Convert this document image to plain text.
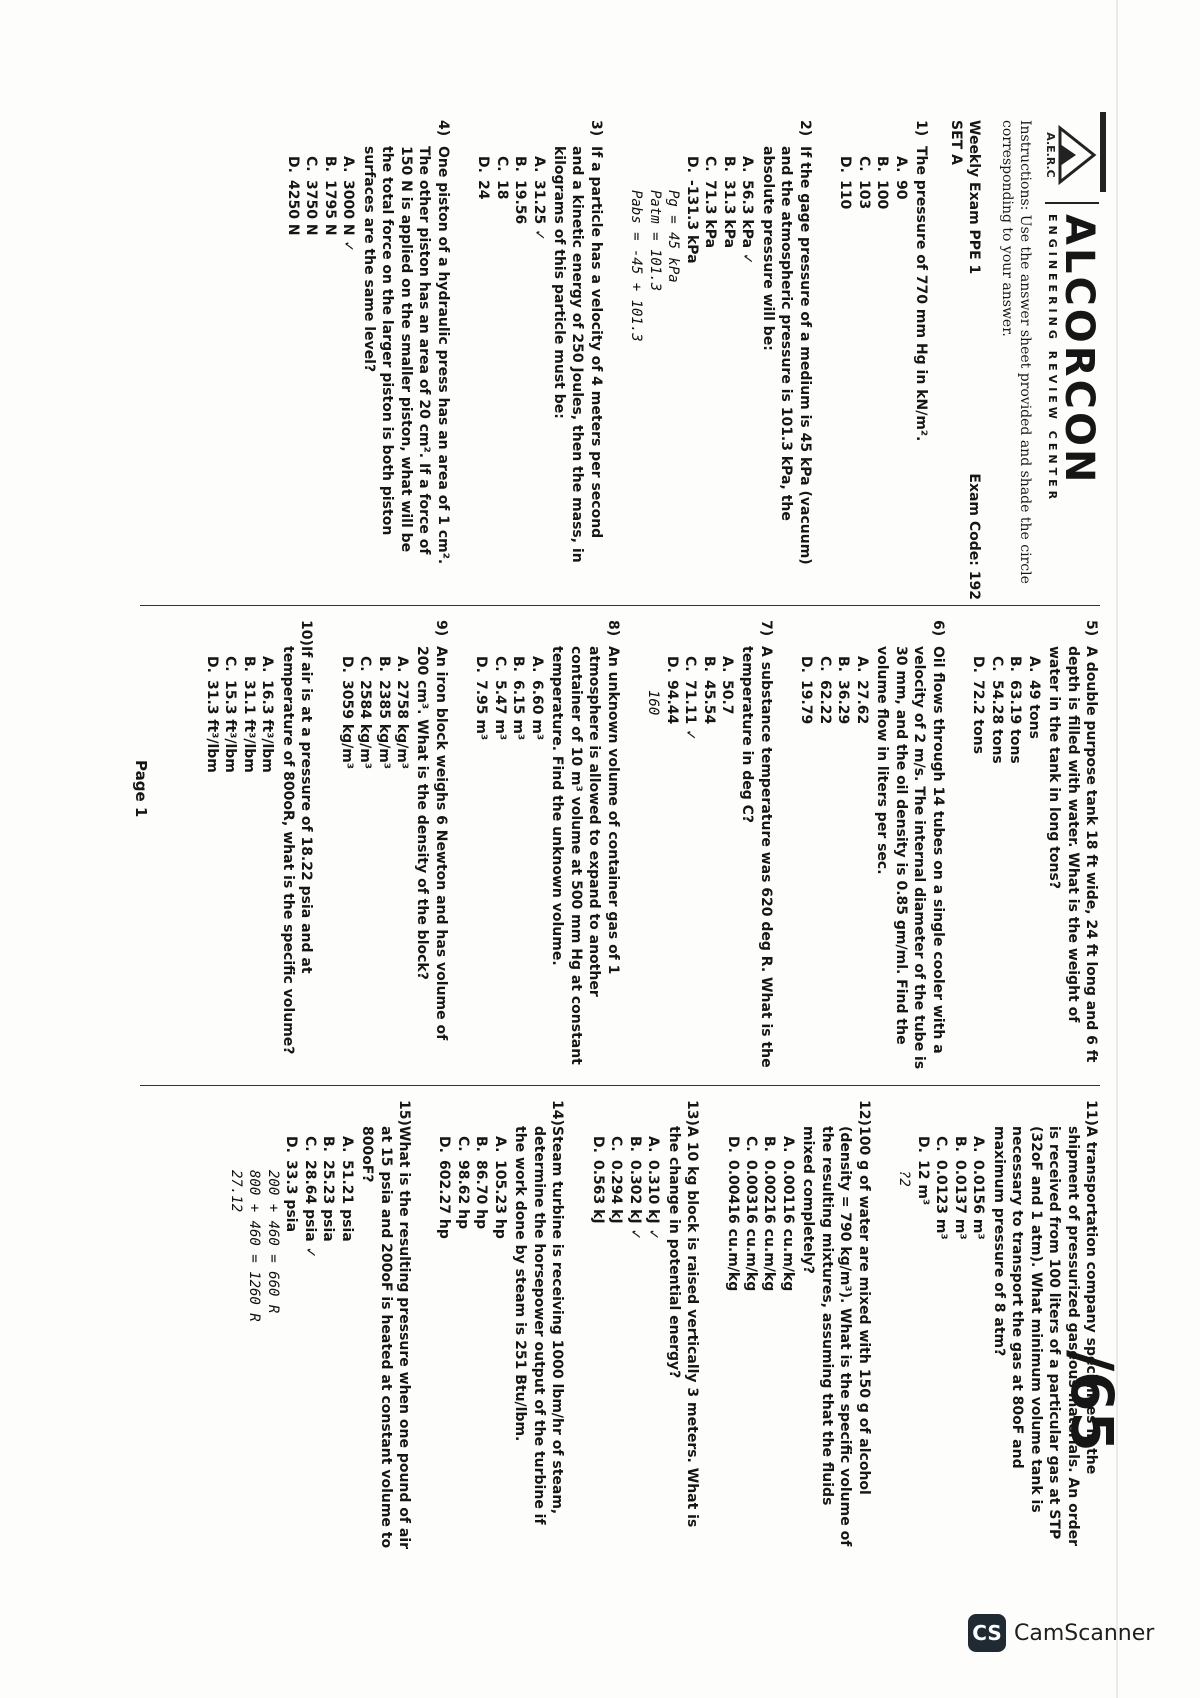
A.E.R.C
ALCORCON
ENGINEERING REVIEW CENTER
Instructions: Use the answer sheet provided and shade the circle corresponding to your answer.
Weekly Exam PPE 1
Exam Code: 192
SET A
/65
1)
The pressure of 770 mm Hg in kN/m².
A.
90
B.
100
C.
103
D.
110
2)
If the gage pressure of a medium is 45 kPa (vacuum) and the atmospheric pressure is 101.3 kPa, the absolute pressure will be:
A.
56.3 kPa ✓
B.
31.3 kPa
C.
71.3 kPa
D.
-131.3 kPa
Pg = 45 kPa
Patm = 101.3
Pabs = -45 + 101.3
3)
If a particle has a velocity of 4 meters per second and a kinetic energy of 250 Joules, then the mass, in kilograms of this particle must be:
A.
31.25 ✓
B.
19.56
C.
18
D.
24
4)
One piston of a hydraulic press has an area of 1 cm². The other piston has an area of 20 cm². If a force of 150 N is applied on the smaller piston, what will be the total force on the larger piston is both piston surfaces are the same level?
A.
3000 N ✓
B.
1795 N
C.
3750 N
D.
4250 N
5)
A double purpose tank 18 ft wide, 24 ft long and 6 ft depth is filled with water. What is the weight of water in the tank in long tons?
A.
49 tons
B.
63.19 tons
C.
54.28 tons
D.
72.2 tons
6)
Oil flows through 14 tubes on a single cooler with a velocity of 2 m/s. The internal diameter of the tube is 30 mm, and the oil density is 0.85 gm/ml. Find the volume flow in liters per sec.
A.
27.62
B.
36.29
C.
62.22
D.
19.79
7)
A substance temperature was 620 deg R. What is the temperature in deg C?
A.
50.7
B.
45.54
C.
71.11 ✓
D.
94.44
160
8)
An unknown volume of container gas of 1 atmosphere is allowed to expand to another container of 10 m³ volume at 500 mm Hg at constant temperature. Find the unknown volume.
A.
6.60 m³
B.
6.15 m³
C.
5.47 m³
D.
7.95 m³
9)
An iron block weighs 6 Newton and has volume of 200 cm³. What is the density of the block?
A.
2758 kg/m³
B.
2385 kg/m³
C.
2584 kg/m³
D.
3059 kg/m³
10)
If air is at a pressure of 18.22 psia and at temperature of 800oR, what is the specific volume?
A.
16.3 ft³/lbm
B.
31.1 ft³/lbm
C.
15.3 ft³/lbm
D.
31.3 ft³/lbm
11)
A transportation company specializes in the shipment of pressurized gaseous materials. An order is received from 100 liters of a particular gas at STP (32oF and 1 atm). What minimum volume tank is necessary to transport the gas at 80oF and maximum pressure of 8 atm?
A.
0.0156 m³
B.
0.0137 m³
C.
0.0123 m³
D.
12 m³
?2
12)
100 g of water are mixed with 150 g of alcohol (density = 790 kg/m³). What is the specific volume of the resulting mixtures, assuming that the fluids mixed completely?
A.
0.00116 cu.m/kg
B.
0.00216 cu.m/kg
C.
0.00316 cu.m/kg
D.
0.00416 cu.m/kg
13)
A 10 kg block is raised vertically 3 meters. What is the change in potential energy?
A.
0.310 kJ ✓
B.
0.302 kJ ✓
C.
0.294 kJ
D.
0.563 kJ
14)
Steam turbine is receiving 1000 lbm/hr of steam, determine the horsepower output of the turbine if the work done by steam is 251 Btu/lbm.
A.
105.23 hp
B.
86.70 hp
C.
98.62 hp
D.
602.27 hp
15)
What is the resulting pressure when one pound of air at 15 psia and 200oF is heated at constant volume to 800oF?
A.
51.21 psia
B.
25.23 psia
C.
28.64 psia ✓
D.
33.3 psia
200 + 460 = 660 R
800 + 460 = 1260 R
27.12
Page 1
CS CamScanner
